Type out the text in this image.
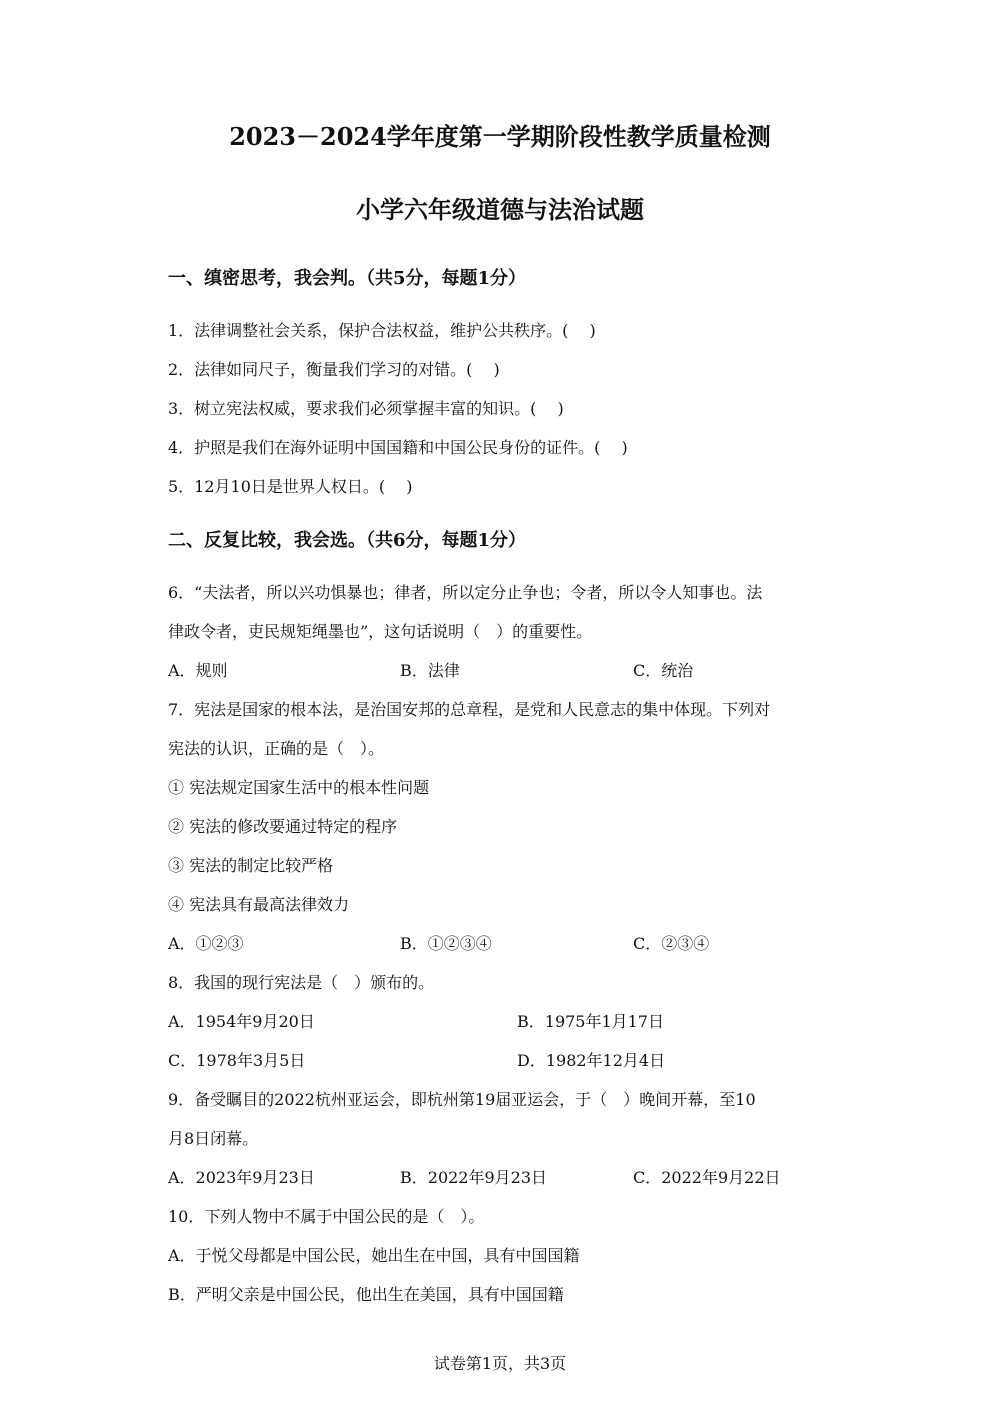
2023－2024学年度第一学期阶段性教学质量检测
小学六年级道德与法治试题
一、缜密思考，我会判。（共5分，每题1分）
1．法律调整社会关系，保护合法权益，维护公共秩序。(　 )
2．法律如同尺子，衡量我们学习的对错。(　 )
3．树立宪法权威，要求我们必须掌握丰富的知识。(　 )
4．护照是我们在海外证明中国国籍和中国公民身份的证件。(　 )
5．12月10日是世界人权日。(　 )
二、反复比较，我会选。（共6分，每题1分）
6．“夫法者，所以兴功惧暴也；律者，所以定分止争也；令者，所以令人知事也。法
律政令者，吏民规矩绳墨也”，这句话说明（　）的重要性。
A．规则	B．法律	C．统治
7．宪法是国家的根本法，是治国安邦的总章程，是党和人民意志的集中体现。下列对
宪法的认识，正确的是（　）。
① 宪法规定国家生活中的根本性问题
② 宪法的修改要通过特定的程序
③ 宪法的制定比较严格
④ 宪法具有最高法律效力
A．①②③	B．①②③④	C．②③④
8．我国的现行宪法是（　）颁布的。
A．1954年9月20日	B．1975年1月17日
C．1978年3月5日	D．1982年12月4日
9．备受瞩目的2022杭州亚运会，即杭州第19届亚运会，于（　）晚间开幕，至10
月8日闭幕。
A．2023年9月23日	B．2022年9月23日	C．2022年9月22日
10．下列人物中不属于中国公民的是（　）。
A．于悦父母都是中国公民，她出生在中国，具有中国国籍
B．严明父亲是中国公民，他出生在美国，具有中国国籍
试卷第1页，共3页
